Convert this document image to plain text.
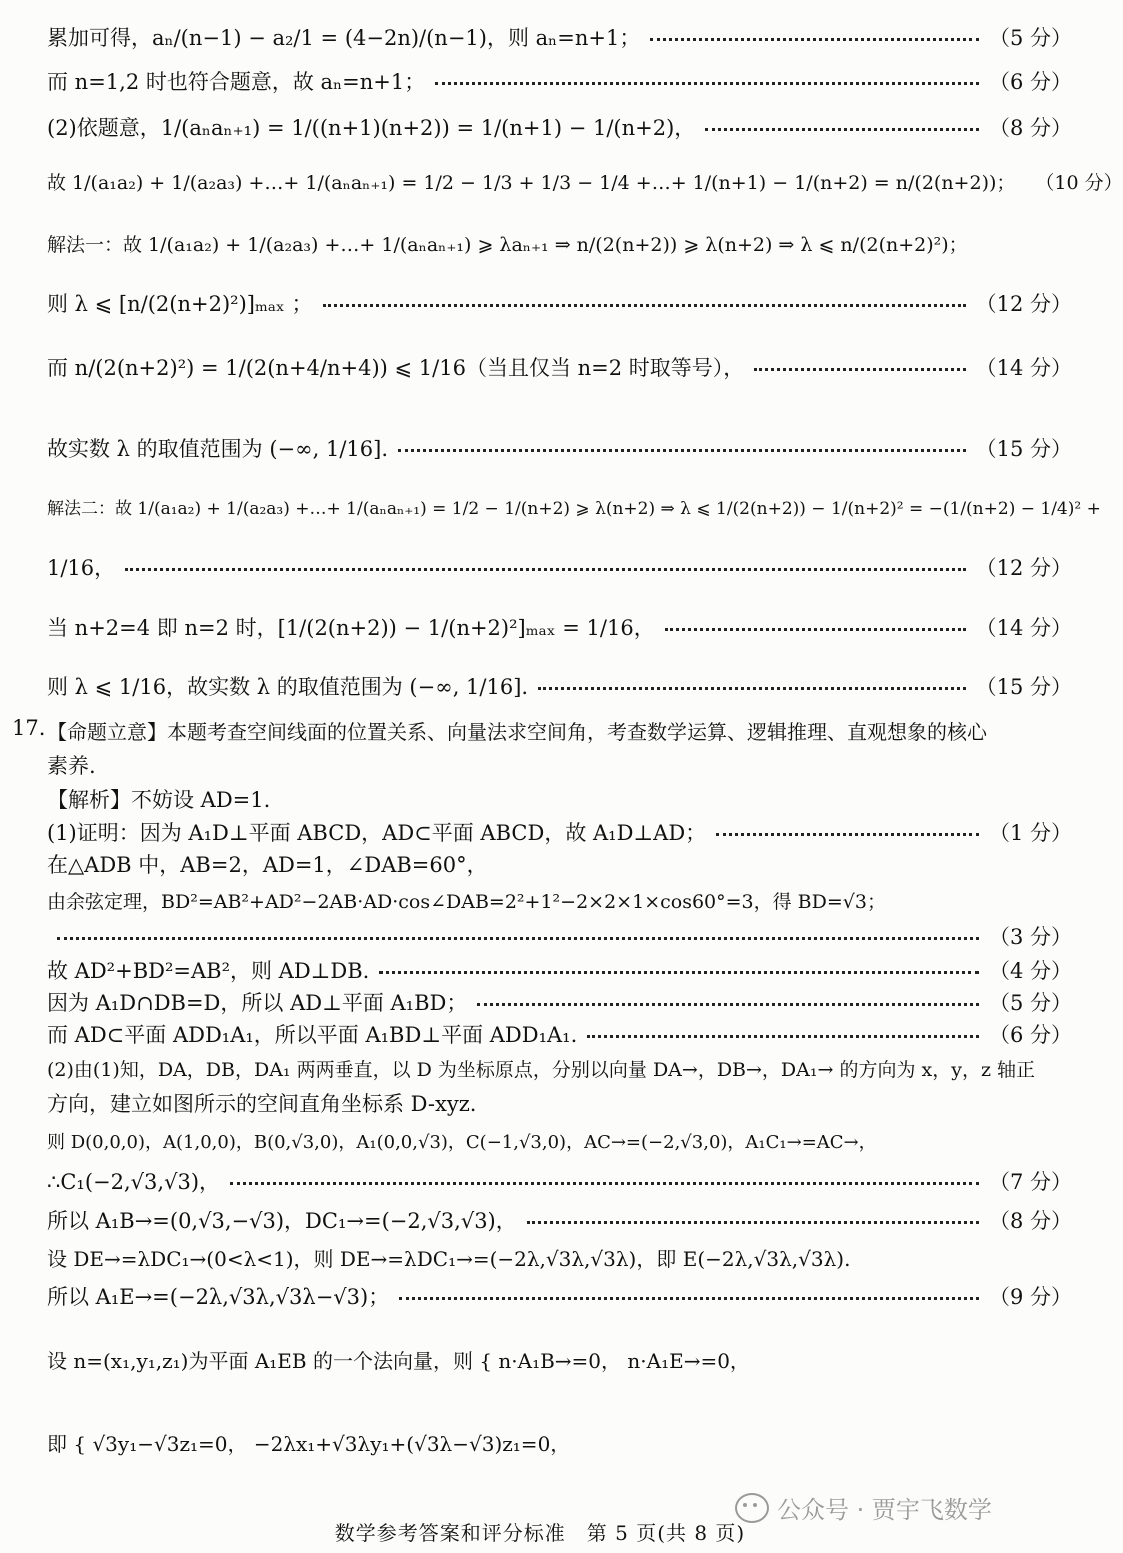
累加可得，aₙ/(n−1) − a₂/1 = (4−2n)/(n−1)，则 aₙ=n+1；	（5 分）
而 n=1,2 时也符合题意，故 aₙ=n+1；	（6 分）
(2)依题意，1/(aₙaₙ₊₁) = 1/((n+1)(n+2)) = 1/(n+1) − 1/(n+2)，	（8 分）
故 1/(a₁a₂) + 1/(a₂a₃) +…+ 1/(aₙaₙ₊₁) = 1/2 − 1/3 + 1/3 − 1/4 +…+ 1/(n+1) − 1/(n+2) = n/(2(n+2))； （10 分）
解法一：故 1/(a₁a₂) + 1/(a₂a₃) +…+ 1/(aₙaₙ₊₁) ⩾ λaₙ₊₁ ⇒ n/(2(n+2)) ⩾ λ(n+2) ⇒ λ ⩽ n/(2(n+2)²)；
则 λ ⩽ [n/(2(n+2)²)]ₘₐₓ ；	（12 分）
而 n/(2(n+2)²) = 1/(2(n+4/n+4)) ⩽ 1/16（当且仅当 n=2 时取等号），	（14 分）
故实数 λ 的取值范围为 (−∞, 1/16].	（15 分）
解法二：故 1/(a₁a₂) + 1/(a₂a₃) +…+ 1/(aₙaₙ₊₁) = 1/2 − 1/(n+2) ⩾ λ(n+2) ⇒ λ ⩽ 1/(2(n+2)) − 1/(n+2)² = −(1/(n+2) − 1/4)² +
1/16，	（12 分）
当 n+2=4 即 n=2 时，[1/(2(n+2)) − 1/(n+2)²]ₘₐₓ = 1/16，	（14 分）
则 λ ⩽ 1/16，故实数 λ 的取值范围为 (−∞, 1/16].	（15 分）
17. 【命题立意】本题考查空间线面的位置关系、向量法求空间角，考查数学运算、逻辑推理、直观想象的核心
素养.
【解析】不妨设 AD=1.
(1)证明：因为 A₁D⊥平面 ABCD，AD⊂平面 ABCD，故 A₁D⊥AD；	（1 分）
在△ADB 中，AB=2，AD=1，∠DAB=60°，
由余弦定理，BD²=AB²+AD²−2AB·AD·cos∠DAB=2²+1²−2×2×1×cos60°=3，得 BD=√3；
（3 分）
故 AD²+BD²=AB²，则 AD⊥DB.	（4 分）
因为 A₁D∩DB=D，所以 AD⊥平面 A₁BD；	（5 分）
而 AD⊂平面 ADD₁A₁，所以平面 A₁BD⊥平面 ADD₁A₁.	（6 分）
(2)由(1)知，DA，DB，DA₁ 两两垂直，以 D 为坐标原点，分别以向量 DA→，DB→，DA₁→ 的方向为 x，y，z 轴正
方向，建立如图所示的空间直角坐标系 D-xyz.
则 D(0,0,0)，A(1,0,0)，B(0,√3,0)，A₁(0,0,√3)，C(−1,√3,0)，AC→=(−2,√3,0)，A₁C₁→=AC→，
∴C₁(−2,√3,√3)，	（7 分）
所以 A₁B→=(0,√3,−√3)，DC₁→=(−2,√3,√3)，	（8 分）
设 DE→=λDC₁→(0<λ<1)，则 DE→=λDC₁→=(−2λ,√3λ,√3λ)，即 E(−2λ,√3λ,√3λ).
所以 A₁E→=(−2λ,√3λ,√3λ−√3)；	（9 分）
设 n=(x₁,y₁,z₁)为平面 A₁EB 的一个法向量，则 { n·A₁B→=0， n·A₁E→=0，
即 { √3y₁−√3z₁=0， −2λx₁+√3λy₁+(√3λ−√3)z₁=0，
公众号 · 贾宇飞数学
数学参考答案和评分标准　第 5 页(共 8 页)
